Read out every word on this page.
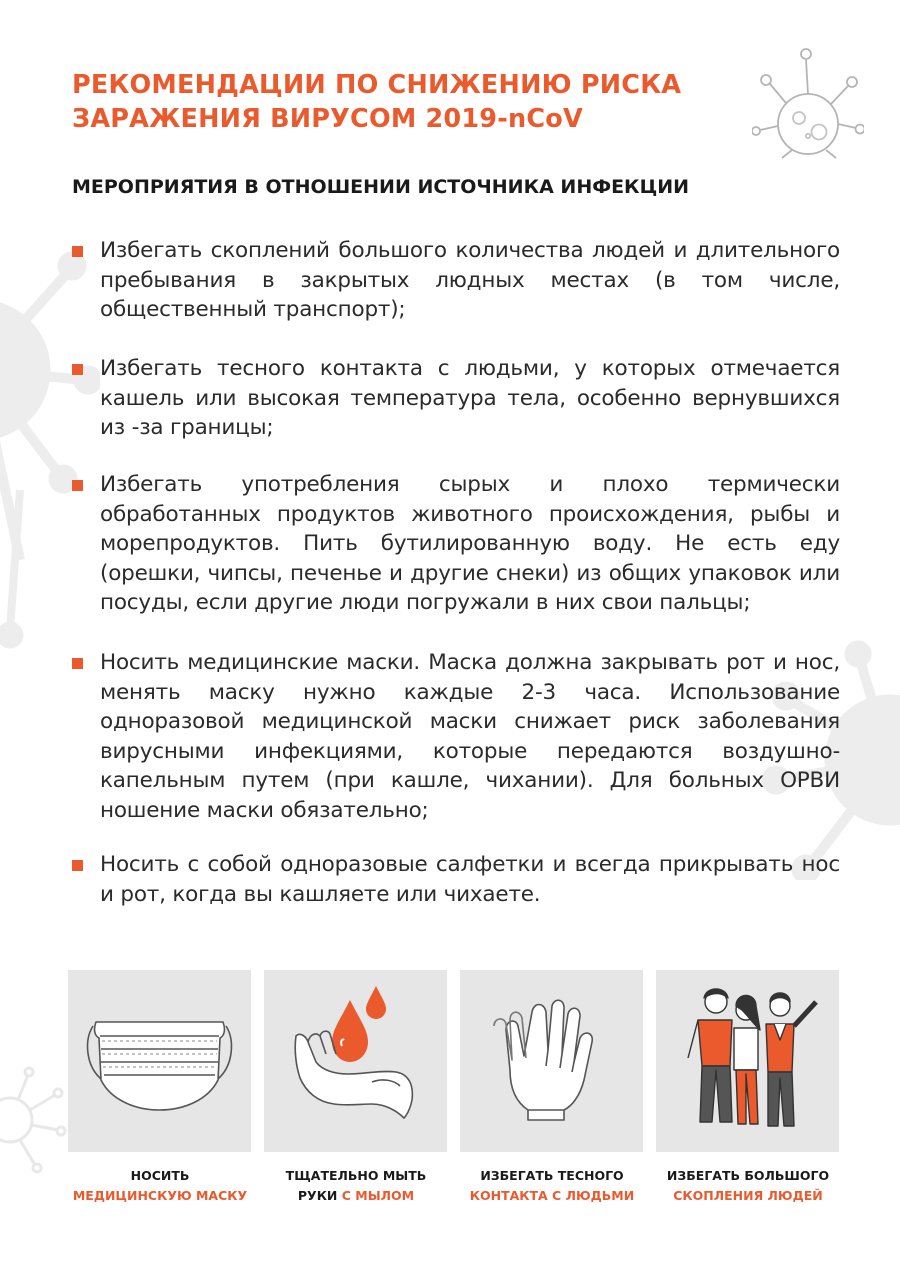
РЕКОМЕНДАЦИИ ПО СНИЖЕНИЮ РИСКА
ЗАРАЖЕНИЯ ВИРУСОМ 2019-nCoV
МЕРОПРИЯТИЯ В ОТНОШЕНИИ ИСТОЧНИКА ИНФЕКЦИИ
Избегать скоплений большого количества людей и длительного пребывания в закрытых людных местах (в том числе, общественный транспорт);
Избегать тесного контакта с людьми, у которых отмечается кашель или высокая температура тела, особенно вернувшихся из -за границы;
Избегать употребления сырых и плохо термически обработанных продуктов животного происхождения, рыбы и морепродуктов. Пить бутилированную воду. Не есть еду (орешки, чипсы, печенье и другие снеки) из общих упаковок или посуды, если другие люди погружали в них свои пальцы;
Носить медицинские маски. Маска должна закрывать рот и нос, менять маску нужно каждые 2-3 часа. Использование одноразовой медицинской маски снижает риск заболевания вирусными инфекциями, которые передаются воздушно-капельным путем (при кашле, чихании). Для больных ОРВИ ношение маски обязательно;
Носить с собой одноразовые салфетки и всегда прикрывать нос и рот, когда вы кашляете или чихаете.
НОСИТЬ
МЕДИЦИНСКУЮ МАСКУ
ТЩАТЕЛЬНО МЫТЬ
РУКИ С МЫЛОМ
ИЗБЕГАТЬ ТЕСНОГО
КОНТАКТА С ЛЮДЬМИ
ИЗБЕГАТЬ БОЛЬШОГО
СКОПЛЕНИЯ ЛЮДЕЙ
